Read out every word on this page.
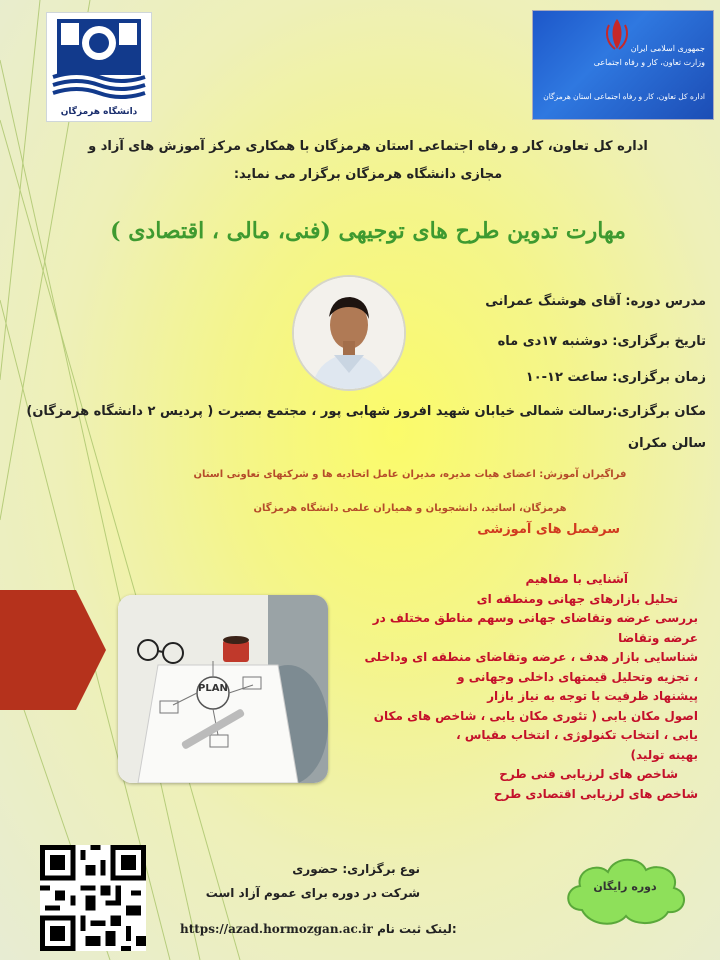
دانشگاه هرمزگان
جمهوری اسلامی ایران
وزارت تعاون، کار و رفاه اجتماعی
اداره کل تعاون، کار و رفاه اجتماعی استان هرمزگان
اداره کل تعاون، کار و رفاه اجتماعی استان هرمزگان با همکاری مرکز آموزش های آزاد و
مجازی دانشگاه هرمزگان برگزار می نماید:
مهارت تدوین طرح های توجیهی (فنی، مالی ، اقتصادی )
مدرس دوره: آقای هوشنگ عمرانی
تاریخ برگزاری: دوشنبه ۱۷دی ماه
زمان برگزاری: ساعت ۱۲-۱۰
مکان برگزاری:رسالت شمالی خیابان شهید افروز شهابی پور ، مجتمع بصیرت ( پردیس ۲ دانشگاه هرمزگان)
سالن مکران
فراگیران آموزش: اعضای هیات مدیره، مدیران عامل اتحادیه ها و شرکتهای تعاونی استان
هرمزگان، اساتید، دانشجویان و همیاران علمی دانشگاه هرمزگان
سرفصل های آموزشی
PLAN
آشنایی با مفاهیم
تحلیل بازارهای جهانی ومنطقه ای
بررسی عرضه وتقاضای جهانی وسهم مناطق مختلف در
عرضه وتقاضا
شناسایی بازار هدف ، عرضه وتقاضای منطقه ای وداخلی
، تجزیه وتحلیل قیمتهای داخلی وجهانی و
پیشنهاد ظرفیت با توجه به نیاز بازار
اصول مکان یابی ( تئوری مکان یابی ، شاخص های مکان
یابی ، انتخاب تکنولوژی ، انتخاب مقیاس ،
بهینه تولید)
شاخص های لرزیابی فنی طرح
شاخص های لرزیابی اقتصادی طرح
نوع برگزاری: حضوری
شرکت در دوره برای عموم آزاد است
https://azad.hormozgan.ac.ir لینک ثبت نام:
دوره رایگان
